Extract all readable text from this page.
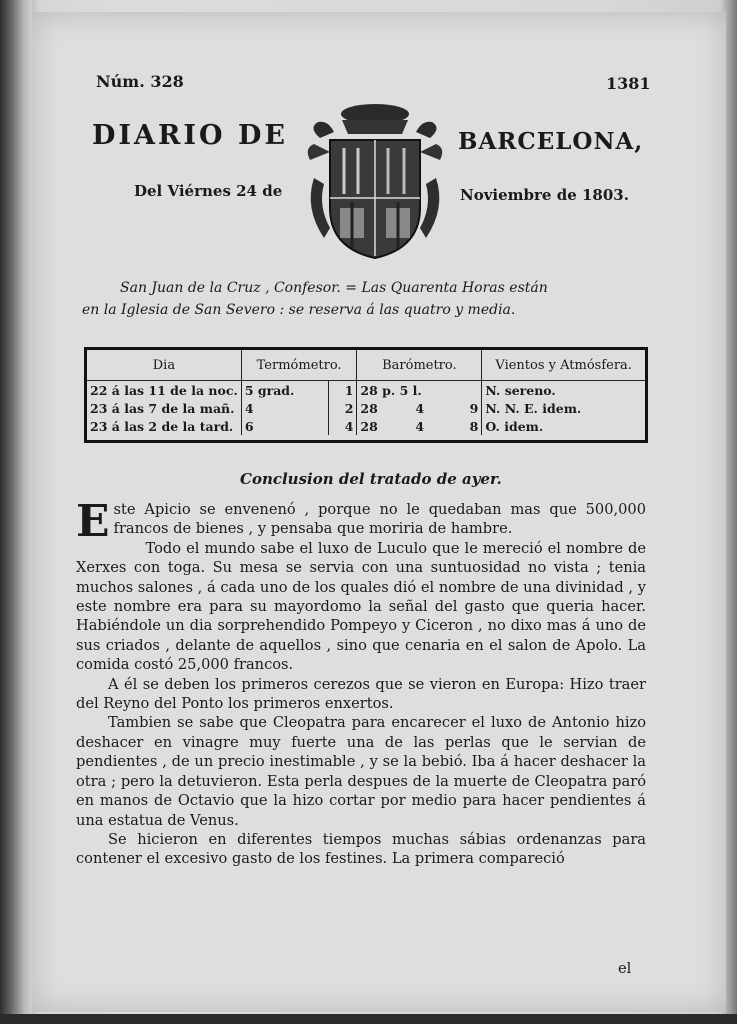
Núm. 328	1381
DIARIO DE	BARCELONA,
Del Viérnes 24 de	Noviembre de 1803.
San Juan de la Cruz , Confesor. = Las Quarenta Horas están
en la Iglesia de San Severo : se reserva á las quatro y media.
Dia	Termómetro.		Barómetro.			Vientos y Atmósfera.
22 á las 11 de la noc.	5 grad.	1	28 p. 5 l.			N. sereno.
23 á las 7 de la mañ.	4	2	28	4	9	N. N. E. idem.
23 á las 2 de la tard.	6	4	28	4	8	O. idem.
Conclusion del tratado de ayer.

Este Apicio se envenenó , porque no le quedaban mas que 500,000 francos de bienes , y pensaba que moriria de hambre.

Todo el mundo sabe el luxo de Luculo que le mereció el nombre de Xerxes con toga. Su mesa se servia con una suntuosidad no vista ; tenia muchos salones , á cada uno de los quales dió el nombre de una divinidad , y este nombre era para su mayordomo la señal del gasto que queria hacer. Habiéndole un dia sorprehendido Pompeyo y Ciceron , no dixo mas á uno de sus criados , delante de aquellos , sino que cenaria en el salon de Apolo. La comida costó 25,000 francos.

A él se deben los primeros cerezos que se vieron en Europa: Hizo traer del Reyno del Ponto los primeros enxertos.

Tambien se sabe que Cleopatra para encarecer el luxo de Antonio hizo deshacer en vinagre muy fuerte una de las perlas que le servian de pendientes , de un precio inestimable , y se la bebió. Iba á hacer deshacer la otra ; pero la detuvieron. Esta perla despues de la muerte de Cleopatra paró en manos de Octavio que la hizo cortar por medio para hacer pendientes á una estatua de Venus.

Se hicieron en diferentes tiempos muchas sábias ordenanzas para contener el excesivo gasto de los festines. La primera compareció

el
